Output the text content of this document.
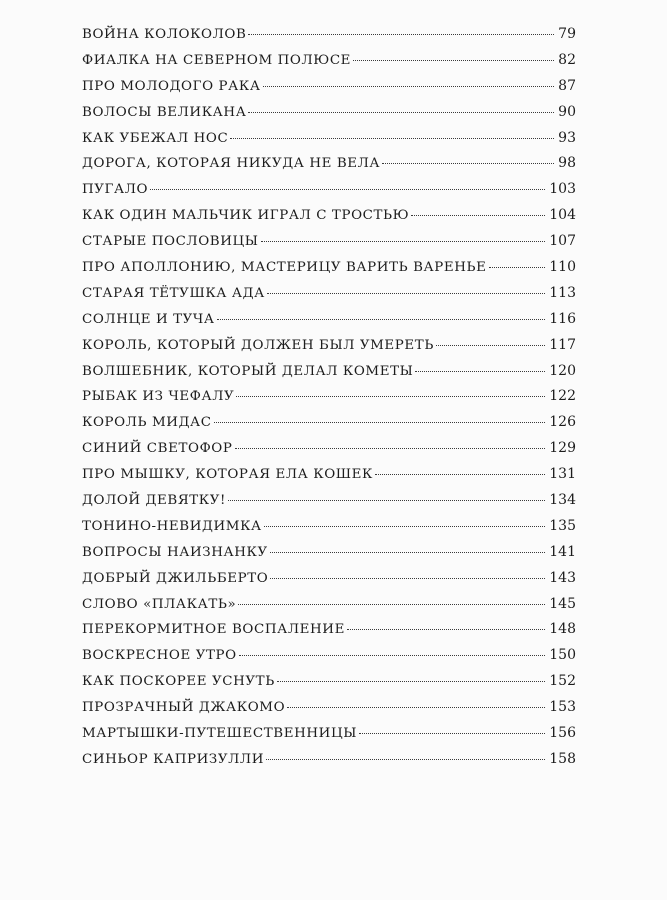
ВОЙНА КОЛОКОЛОВ	79
ФИАЛКА НА СЕВЕРНОМ ПОЛЮСЕ	82
ПРО МОЛОДОГО РАКА	87
ВОЛОСЫ ВЕЛИКАНА	90
КАК УБЕЖАЛ НОС	93
ДОРОГА, КОТОРАЯ НИКУДА НЕ ВЕЛА	98
ПУГАЛО	103
КАК ОДИН МАЛЬЧИК ИГРАЛ С ТРОСТЬЮ	104
СТАРЫЕ ПОСЛОВИЦЫ	107
ПРО АПОЛЛОНИЮ, МАСТЕРИЦУ ВАРИТЬ ВАРЕНЬЕ	110
СТАРАЯ ТЁТУШКА АДА	113
СОЛНЦЕ И ТУЧА	116
КОРОЛЬ, КОТОРЫЙ ДОЛЖЕН БЫЛ УМЕРЕТЬ	117
ВОЛШЕБНИК, КОТОРЫЙ ДЕЛАЛ КОМЕТЫ	120
РЫБАК ИЗ ЧЕФАЛУ	122
КОРОЛЬ МИДАС	126
СИНИЙ СВЕТОФОР	129
ПРО МЫШКУ, КОТОРАЯ ЕЛА КОШЕК	131
ДОЛОЙ ДЕВЯТКУ!	134
ТОНИНО-НЕВИДИМКА	135
ВОПРОСЫ НАИЗНАНКУ	141
ДОБРЫЙ ДЖИЛЬБЕРТО	143
СЛОВО «ПЛАКАТЬ»	145
ПЕРЕКОРМИТНОЕ ВОСПАЛЕНИЕ	148
ВОСКРЕСНОЕ УТРО	150
КАК ПОСКОРЕЕ УСНУТЬ	152
ПРОЗРАЧНЫЙ ДЖАКОМО	153
МАРТЫШКИ-ПУТЕШЕСТВЕННИЦЫ	156
СИНЬОР КАПРИЗУЛЛИ	158
